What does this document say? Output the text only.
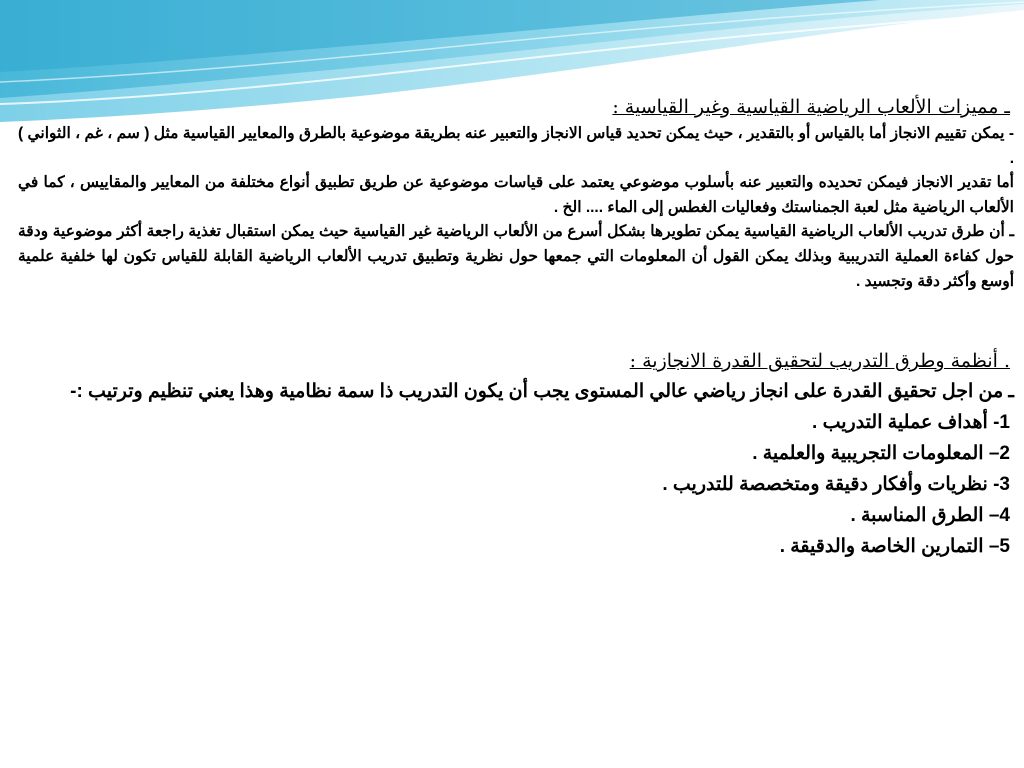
ـ مميزات الألعاب الرياضية القياسية وغير القياسية :

- يمكن تقييم الانجاز أما بالقياس أو بالتقدير ، حيث يمكن تحديد قياس الانجاز والتعبير عنه بطريقة موضوعية بالطرق والمعايير القياسية مثل ( سم ، غم ، الثواني ) .

أما تقدير الانجاز فيمكن تحديده والتعبير عنه بأسلوب موضوعي يعتمد على قياسات موضوعية عن طريق تطبيق أنواع مختلفة من المعايير والمقاييس ، كما في الألعاب الرياضية مثل لعبة الجمناستك وفعاليات الغطس إلى الماء .... الخ .

ـ أن طرق تدريب الألعاب الرياضية القياسية يمكن تطويرها بشكل أسرع من الألعاب الرياضية غير القياسية حيث يمكن استقبال تغذية راجعة أكثر موضوعية ودقة حول كفاءة العملية التدريبية وبذلك يمكن القول أن المعلومات التي جمعها حول نظرية وتطبيق تدريب الألعاب الرياضية القابلة للقياس تكون لها خلفية علمية أوسع وأكثر دقة وتجسيد .

. أنظمة وطرق التدريب لتحقيق القدرة الانجازية :

ـ من اجل تحقيق القدرة على انجاز رياضي عالي المستوى يجب أن يكون التدريب ذا سمة نظامية وهذا يعني تنظيم وترتيب :-

1- أهداف عملية التدريب .
2– المعلومات التجريبية والعلمية .
3- نظريات وأفكار دقيقة ومتخصصة للتدريب .
4– الطرق المناسبة .
5– التمارين الخاصة والدقيقة .
